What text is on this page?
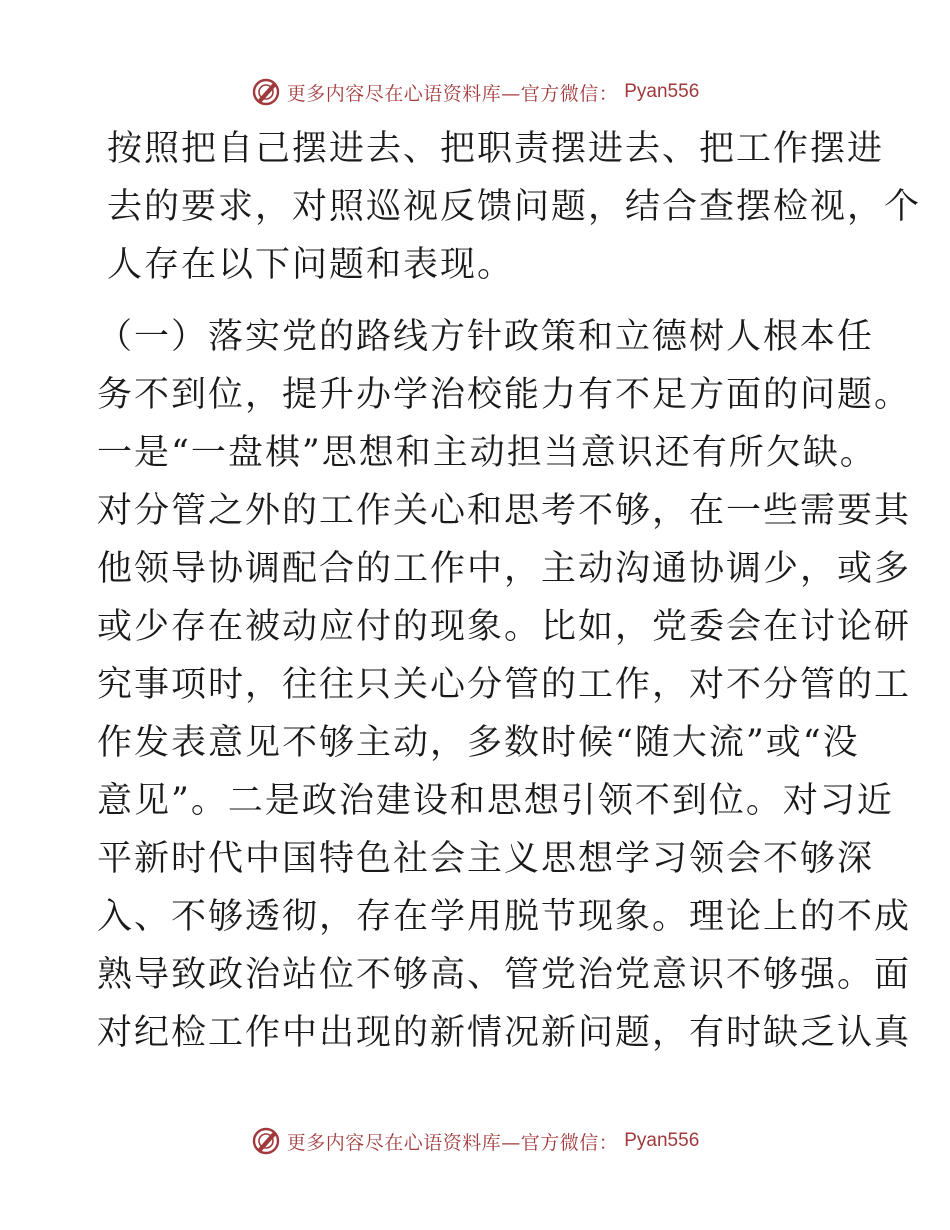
更多内容尽在心语资料库—官方微信： Pyan556

按照把自己摆进去、把职责摆进去、把工作摆进
去的要求，对照巡视反馈问题，结合查摆检视，个
人存在以下问题和表现。

（一）落实党的路线方针政策和立德树人根本任
务不到位，提升办学治校能力有不足方面的问题。
一是“一盘棋”思想和主动担当意识还有所欠缺。
对分管之外的工作关心和思考不够，在一些需要其
他领导协调配合的工作中，主动沟通协调少，或多
或少存在被动应付的现象。比如，党委会在讨论研
究事项时，往往只关心分管的工作，对不分管的工
作发表意见不够主动，多数时候“随大流”或“没
意见”。二是政治建设和思想引领不到位。对习近
平新时代中国特色社会主义思想学习领会不够深
入、不够透彻，存在学用脱节现象。理论上的不成
熟导致政治站位不够高、管党治党意识不够强。面
对纪检工作中出现的新情况新问题，有时缺乏认真

更多内容尽在心语资料库—官方微信： Pyan556
